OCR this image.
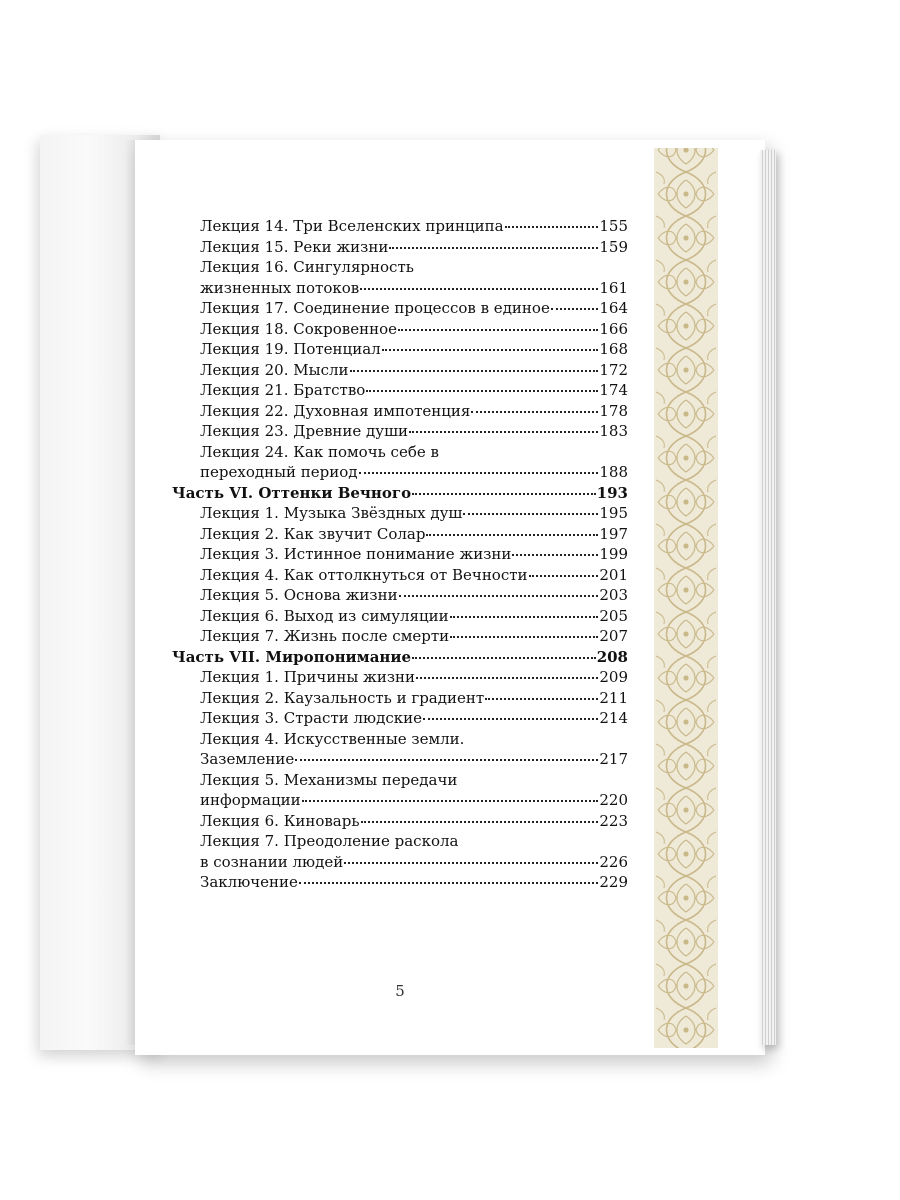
Лекция 14. Три Вселенских принципа	155
Лекция 15. Реки жизни	159
Лекция 16. Сингулярность
жизненных потоков	161
Лекция 17. Соединение процессов в единое	164
Лекция 18. Сокровенное	166
Лекция 19. Потенциал	168
Лекция 20. Мысли	172
Лекция 21. Братство	174
Лекция 22. Духовная импотенция	178
Лекция 23. Древние души	183
Лекция 24. Как помочь себе в
переходный период	188
Часть VI. Оттенки Вечного	193
Лекция 1. Музыка Звёздных душ	195
Лекция 2. Как звучит Солар	197
Лекция 3. Истинное понимание жизни	199
Лекция 4. Как оттолкнуться от Вечности	201
Лекция 5. Основа жизни	203
Лекция 6. Выход из симуляции	205
Лекция 7. Жизнь после смерти	207
Часть VII. Миропонимание	208
Лекция 1. Причины жизни	209
Лекция 2. Каузальность и градиент	211
Лекция 3. Страсти людские	214
Лекция 4. Искусственные земли.
Заземление	217
Лекция 5. Механизмы передачи
информации	220
Лекция 6. Киноварь	223
Лекция 7. Преодоление раскола
в сознании людей	226
Заключение	229
5
